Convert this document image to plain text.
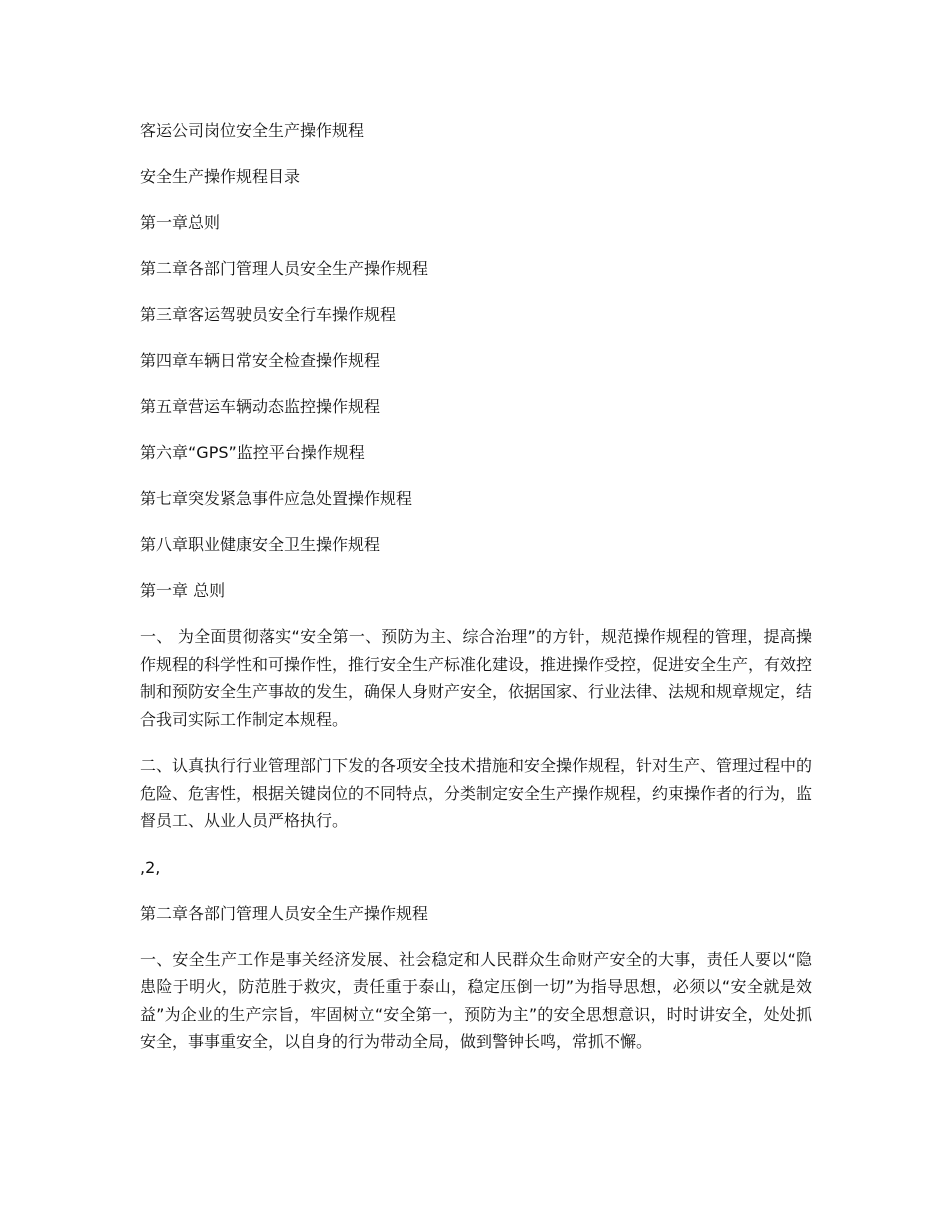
客运公司岗位安全生产操作规程
安全生产操作规程目录
第一章总则
第二章各部门管理人员安全生产操作规程
第三章客运驾驶员安全行车操作规程
第四章车辆日常安全检查操作规程
第五章营运车辆动态监控操作规程
第六章“GPS”监控平台操作规程
第七章突发紧急事件应急处置操作规程
第八章职业健康安全卫生操作规程
第一章 总则
一、 为全面贯彻落实“安全第一、预防为主、综合治理”的方针，规范操作规程的管理，提高操作规程的科学性和可操作性，推行安全生产标准化建设，推进操作受控，促进安全生产，有效控制和预防安全生产事故的发生，确保人身财产安全，依据国家、行业法律、法规和规章规定，结合我司实际工作制定本规程。
二、认真执行行业管理部门下发的各项安全技术措施和安全操作规程，针对生产、管理过程中的危险、危害性，根据关键岗位的不同特点，分类制定安全生产操作规程，约束操作者的行为，监督员工、从业人员严格执行。
,2,
第二章各部门管理人员安全生产操作规程
一、安全生产工作是事关经济发展、社会稳定和人民群众生命财产安全的大事，责任人要以“隐患险于明火，防范胜于救灾，责任重于泰山，稳定压倒一切”为指导思想，必须以“安全就是效益”为企业的生产宗旨，牢固树立“安全第一，预防为主”的安全思想意识，时时讲安全，处处抓安全，事事重安全，以自身的行为带动全局，做到警钟长鸣，常抓不懈。
